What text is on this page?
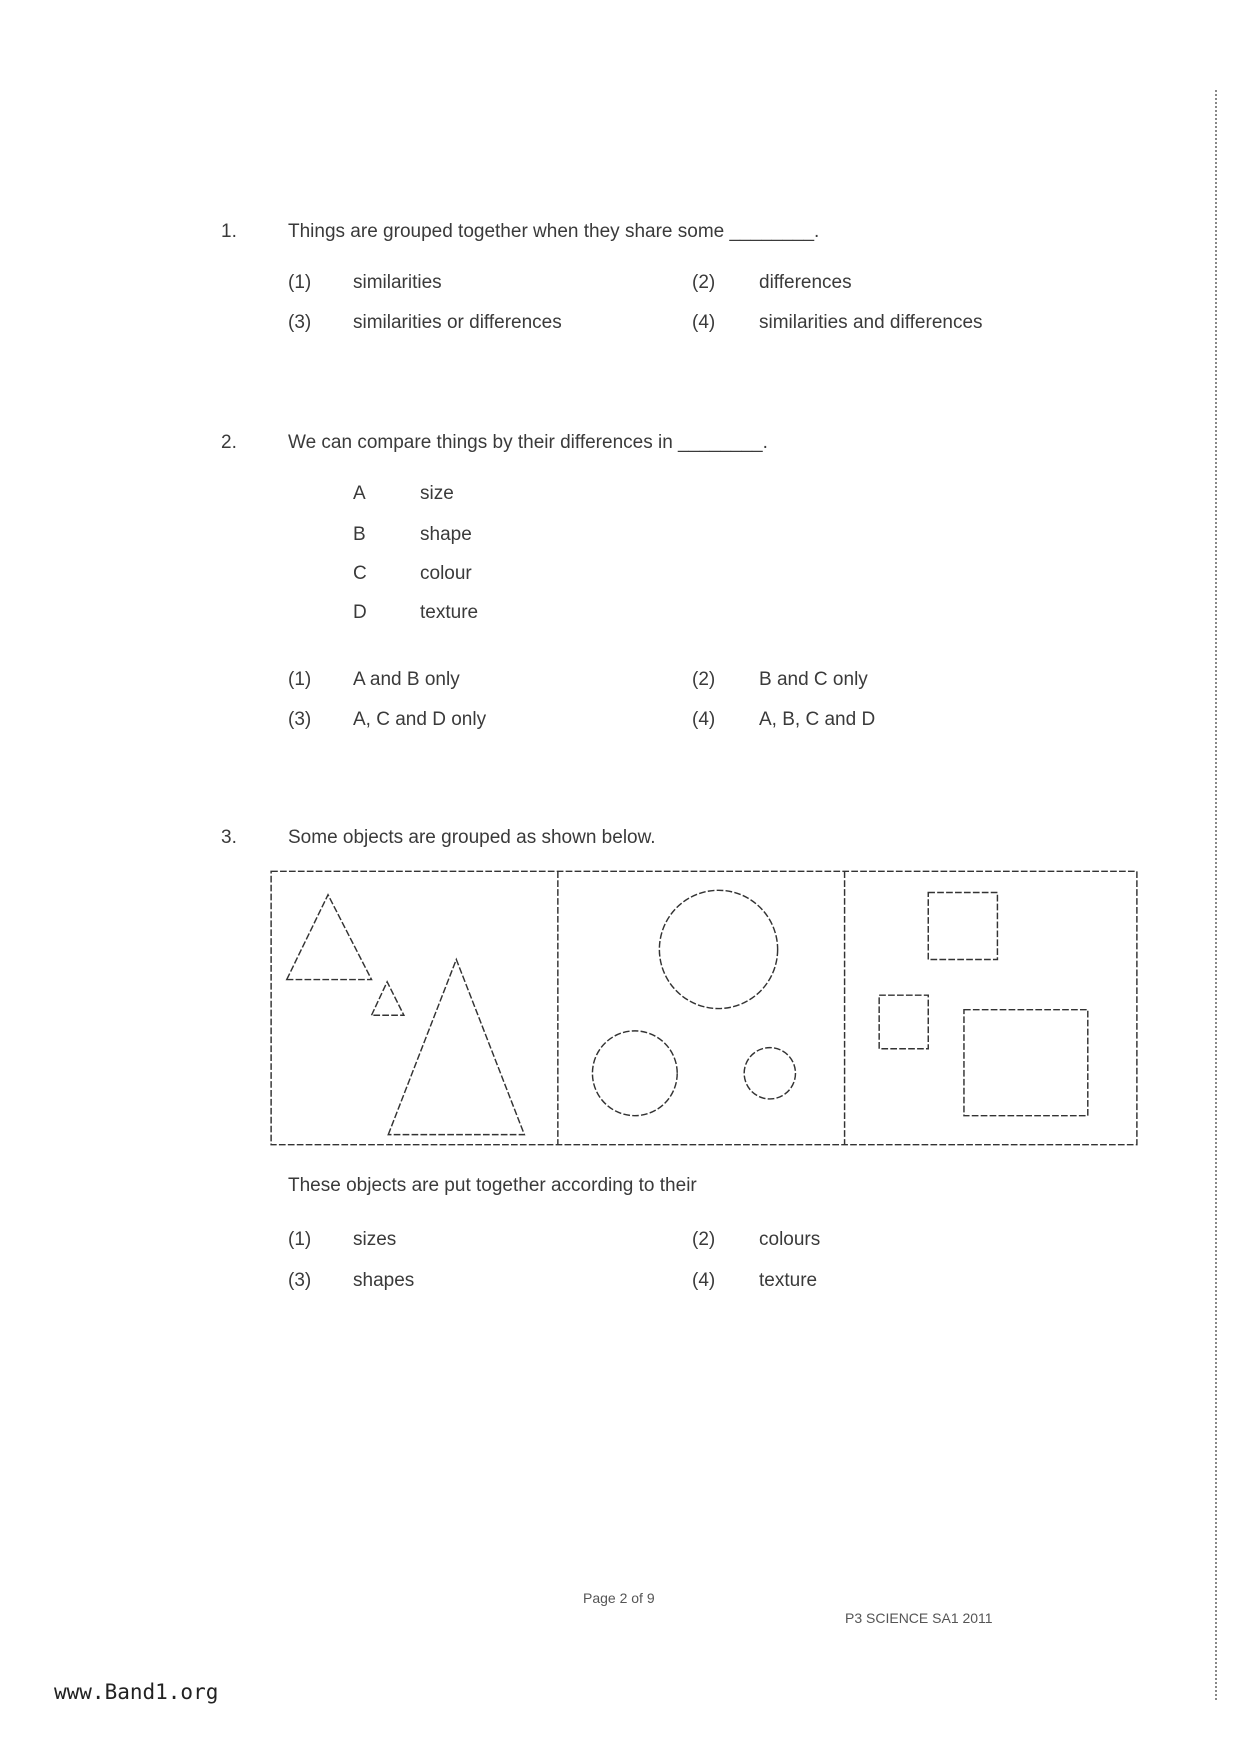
1.	Things are grouped together when they share some ________.
(1) similarities	(2) differences
(3) similarities or differences	(4) similarities and differences
2.	We can compare things by their differences in ________.
A	size
B	shape
C	colour
D	texture
(1) A and B only	(2) B and C only
(3) A, C and D only	(4) A, B, C and D
3.	Some objects are grouped as shown below.
These objects are put together according to their
(1) sizes	(2) colours
(3) shapes	(4) texture
Page 2 of 9
P3 SCIENCE SA1 2011
www.Band1.org
